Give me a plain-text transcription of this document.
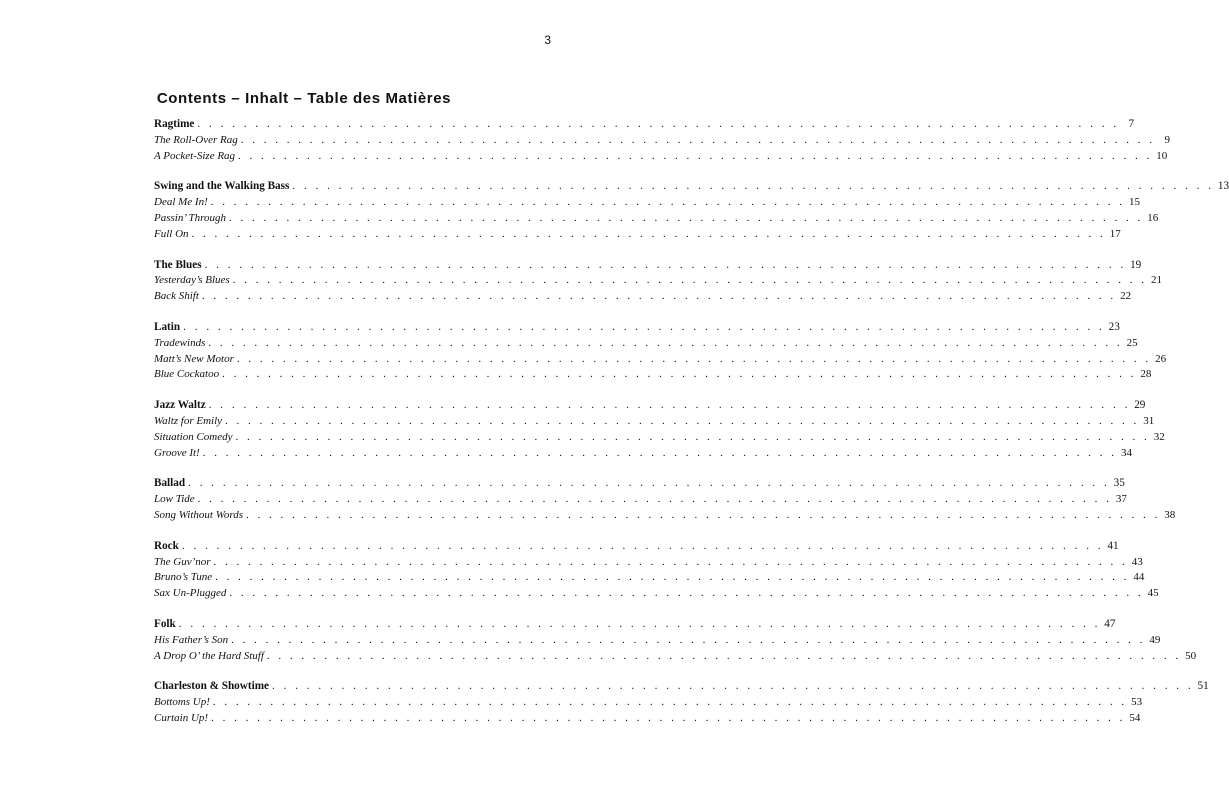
3
Contents – Inhalt – Table des Matières
Ragtime . . . . . . . . . . . . . . . . . . . . . . . . . . . . . . . . . . . . . . . . . . . . . . . . . . . . . . . . . . . . . . . . . . . . . . . . . . . . . . . . 7
The Roll-Over Rag . . . . . . . . . . . . . . . . . . . . . . . . . . . . . . . . . . . . . . . . . . . . . . . . . . . . . . . . . . . . . . . . . . . . . . . . . . . . . . . . 9
A Pocket-Size Rag . . . . . . . . . . . . . . . . . . . . . . . . . . . . . . . . . . . . . . . . . . . . . . . . . . . . . . . . . . . . . . . . . . . . . . . . . . . . . . . . 10
Swing and the Walking Bass . . . . . . . . . . . . . . . . . . . . . . . . . . . . . . . . . . . . . . . . . . . . . . . . . . . . . . . . . . . . . . . . . . . . . . . . . . . . . . . . 13
Deal Me In! . . . . . . . . . . . . . . . . . . . . . . . . . . . . . . . . . . . . . . . . . . . . . . . . . . . . . . . . . . . . . . . . . . . . . . . . . . . . . . . . 15
Passin’ Through . . . . . . . . . . . . . . . . . . . . . . . . . . . . . . . . . . . . . . . . . . . . . . . . . . . . . . . . . . . . . . . . . . . . . . . . . . . . . . . . 16
Full On . . . . . . . . . . . . . . . . . . . . . . . . . . . . . . . . . . . . . . . . . . . . . . . . . . . . . . . . . . . . . . . . . . . . . . . . . . . . . . . . 17
The Blues . . . . . . . . . . . . . . . . . . . . . . . . . . . . . . . . . . . . . . . . . . . . . . . . . . . . . . . . . . . . . . . . . . . . . . . . . . . . . . . . 19
Yesterday’s Blues . . . . . . . . . . . . . . . . . . . . . . . . . . . . . . . . . . . . . . . . . . . . . . . . . . . . . . . . . . . . . . . . . . . . . . . . . . . . . . . . 21
Back Shift . . . . . . . . . . . . . . . . . . . . . . . . . . . . . . . . . . . . . . . . . . . . . . . . . . . . . . . . . . . . . . . . . . . . . . . . . . . . . . . . 22
Latin . . . . . . . . . . . . . . . . . . . . . . . . . . . . . . . . . . . . . . . . . . . . . . . . . . . . . . . . . . . . . . . . . . . . . . . . . . . . . . . . 23
Tradewinds . . . . . . . . . . . . . . . . . . . . . . . . . . . . . . . . . . . . . . . . . . . . . . . . . . . . . . . . . . . . . . . . . . . . . . . . . . . . . . . . 25
Matt’s New Motor . . . . . . . . . . . . . . . . . . . . . . . . . . . . . . . . . . . . . . . . . . . . . . . . . . . . . . . . . . . . . . . . . . . . . . . . . . . . . . . . 26
Blue Cockatoo . . . . . . . . . . . . . . . . . . . . . . . . . . . . . . . . . . . . . . . . . . . . . . . . . . . . . . . . . . . . . . . . . . . . . . . . . . . . . . . . 28
Jazz Waltz . . . . . . . . . . . . . . . . . . . . . . . . . . . . . . . . . . . . . . . . . . . . . . . . . . . . . . . . . . . . . . . . . . . . . . . . . . . . . . . . 29
Waltz for Emily . . . . . . . . . . . . . . . . . . . . . . . . . . . . . . . . . . . . . . . . . . . . . . . . . . . . . . . . . . . . . . . . . . . . . . . . . . . . . . . . 31
Situation Comedy . . . . . . . . . . . . . . . . . . . . . . . . . . . . . . . . . . . . . . . . . . . . . . . . . . . . . . . . . . . . . . . . . . . . . . . . . . . . . . . . 32
Groove It! . . . . . . . . . . . . . . . . . . . . . . . . . . . . . . . . . . . . . . . . . . . . . . . . . . . . . . . . . . . . . . . . . . . . . . . . . . . . . . . . 34
Ballad . . . . . . . . . . . . . . . . . . . . . . . . . . . . . . . . . . . . . . . . . . . . . . . . . . . . . . . . . . . . . . . . . . . . . . . . . . . . . . . . 35
Low Tide . . . . . . . . . . . . . . . . . . . . . . . . . . . . . . . . . . . . . . . . . . . . . . . . . . . . . . . . . . . . . . . . . . . . . . . . . . . . . . . . 37
Song Without Words . . . . . . . . . . . . . . . . . . . . . . . . . . . . . . . . . . . . . . . . . . . . . . . . . . . . . . . . . . . . . . . . . . . . . . . . . . . . . . . . 38
Rock . . . . . . . . . . . . . . . . . . . . . . . . . . . . . . . . . . . . . . . . . . . . . . . . . . . . . . . . . . . . . . . . . . . . . . . . . . . . . . . . 41
The Guv’nor . . . . . . . . . . . . . . . . . . . . . . . . . . . . . . . . . . . . . . . . . . . . . . . . . . . . . . . . . . . . . . . . . . . . . . . . . . . . . . . . 43
Bruno’s Tune . . . . . . . . . . . . . . . . . . . . . . . . . . . . . . . . . . . . . . . . . . . . . . . . . . . . . . . . . . . . . . . . . . . . . . . . . . . . . . . . 44
Sax Un-Plugged . . . . . . . . . . . . . . . . . . . . . . . . . . . . . . . . . . . . . . . . . . . . . . . . . . . . . . . . . . . . . . . . . . . . . . . . . . . . . . . . 45
Folk . . . . . . . . . . . . . . . . . . . . . . . . . . . . . . . . . . . . . . . . . . . . . . . . . . . . . . . . . . . . . . . . . . . . . . . . . . . . . . . . 47
His Father’s Son . . . . . . . . . . . . . . . . . . . . . . . . . . . . . . . . . . . . . . . . . . . . . . . . . . . . . . . . . . . . . . . . . . . . . . . . . . . . . . . . 49
A Drop O’ the Hard Stuff . . . . . . . . . . . . . . . . . . . . . . . . . . . . . . . . . . . . . . . . . . . . . . . . . . . . . . . . . . . . . . . . . . . . . . . . . . . . . . . . 50
Charleston & Showtime . . . . . . . . . . . . . . . . . . . . . . . . . . . . . . . . . . . . . . . . . . . . . . . . . . . . . . . . . . . . . . . . . . . . . . . . . . . . . . . . 51
Bottoms Up! . . . . . . . . . . . . . . . . . . . . . . . . . . . . . . . . . . . . . . . . . . . . . . . . . . . . . . . . . . . . . . . . . . . . . . . . . . . . . . . . 53
Curtain Up! . . . . . . . . . . . . . . . . . . . . . . . . . . . . . . . . . . . . . . . . . . . . . . . . . . . . . . . . . . . . . . . . . . . . . . . . . . . . . . . . 54
